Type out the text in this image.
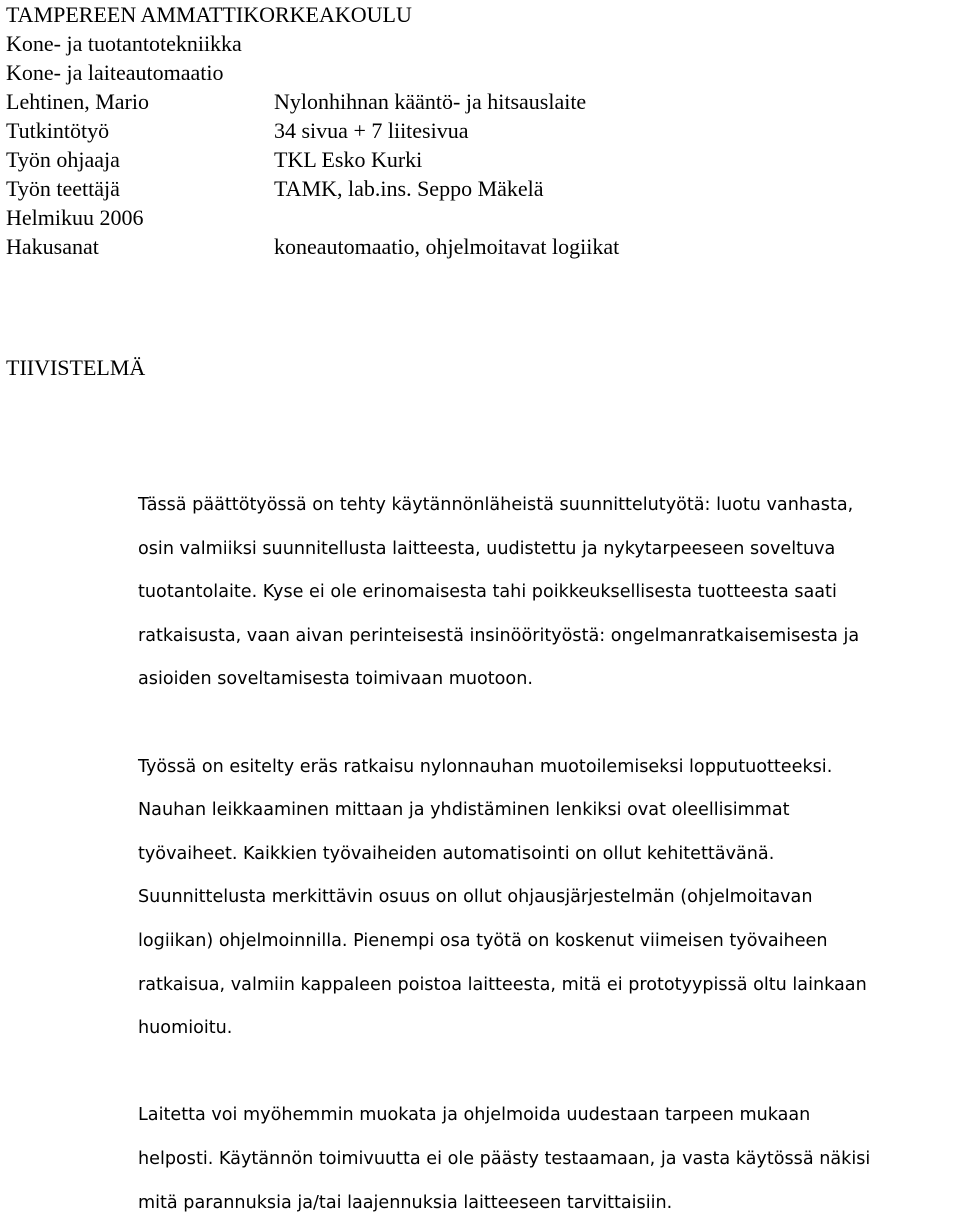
TAMPEREEN AMMATTIKORKEAKOULU
Kone- ja tuotantotekniikka
Kone- ja laiteautomaatio
Lehtinen, Mario	Nylonhihnan kääntö- ja hitsauslaite
Tutkintötyö	34 sivua + 7 liitesivua
Työn ohjaaja	TKL Esko Kurki
Työn teettäjä	TAMK, lab.ins. Seppo Mäkelä
Helmikuu 2006
Hakusanat	koneautomaatio, ohjelmoitavat logiikat
TIIVISTELMÄ
Tässä päättötyössä on tehty käytännönläheistä suunnittelutyötä: luotu vanhasta,
osin valmiiksi suunnitellusta laitteesta, uudistettu ja nykytarpeeseen soveltuva
tuotantolaite. Kyse ei ole erinomaisesta tahi poikkeuksellisesta tuotteesta saati
ratkaisusta, vaan aivan perinteisestä insinöörityöstä: ongelmanratkaisemisesta ja
asioiden soveltamisesta toimivaan muotoon.
Työssä on esitelty eräs ratkaisu nylonnauhan muotoilemiseksi lopputuotteeksi.
Nauhan leikkaaminen mittaan ja yhdistäminen lenkiksi ovat oleellisimmat
työvaiheet. Kaikkien työvaiheiden automatisointi on ollut kehitettävänä.
Suunnittelusta merkittävin osuus on ollut ohjausjärjestelmän (ohjelmoitavan
logiikan) ohjelmoinnilla. Pienempi osa työtä on koskenut viimeisen työvaiheen
ratkaisua, valmiin kappaleen poistoa laitteesta, mitä ei prototyypissä oltu lainkaan
huomioitu.
Laitetta voi myöhemmin muokata ja ohjelmoida uudestaan tarpeen mukaan
helposti. Käytännön toimivuutta ei ole päästy testaamaan, ja vasta käytössä näkisi
mitä parannuksia ja/tai laajennuksia laitteeseen tarvittaisiin.
